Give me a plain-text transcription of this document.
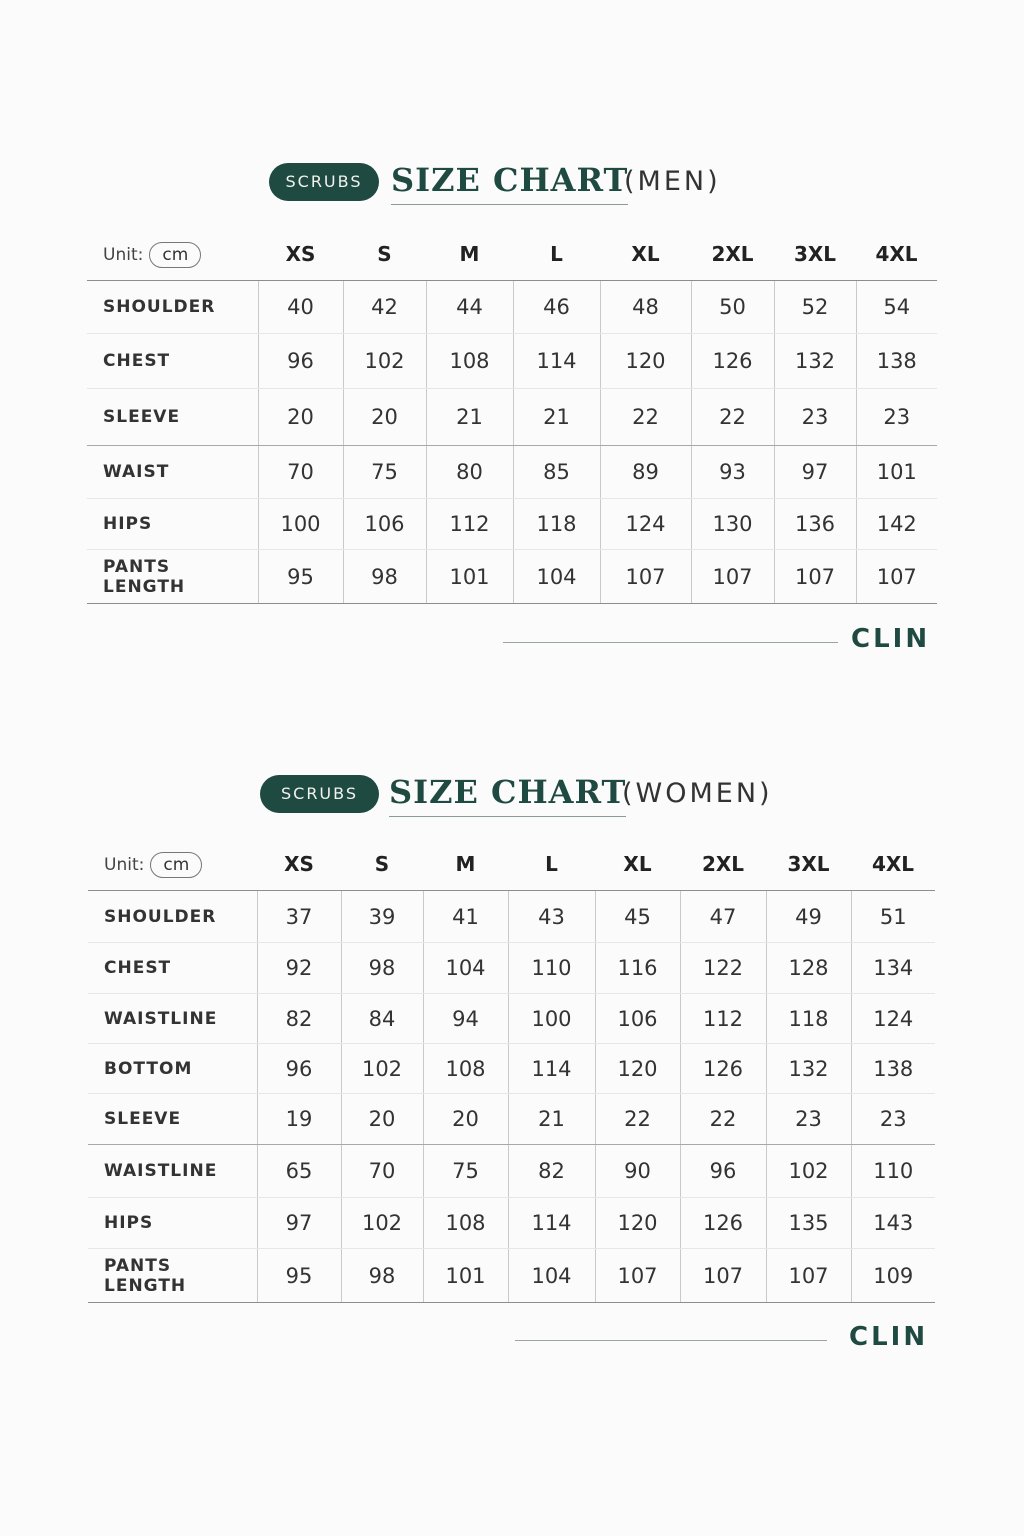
SCRUBS SIZE CHART
(MEN)
Unit: cm	XS	S	M	L	XL	2XL	3XL	4XL
SHOULDER	40	42	44	46	48	50	52	54
CHEST	96	102	108	114	120	126	132	138
SLEEVE	20	20	21	21	22	22	23	23
WAIST	70	75	80	85	89	93	97	101
HIPS	100	106	112	118	124	130	136	142
PANTS LENGTH	95	98	101	104	107	107	107	107
CLIN
SCRUBS SIZE CHART
(WOMEN)
Unit: cm	XS	S	M	L	XL	2XL	3XL	4XL
SHOULDER	37	39	41	43	45	47	49	51
CHEST	92	98	104	110	116	122	128	134
WAISTLINE	82	84	94	100	106	112	118	124
BOTTOM	96	102	108	114	120	126	132	138
SLEEVE	19	20	20	21	22	22	23	23
WAISTLINE	65	70	75	82	90	96	102	110
HIPS	97	102	108	114	120	126	135	143
PANTS LENGTH	95	98	101	104	107	107	107	109
CLIN
